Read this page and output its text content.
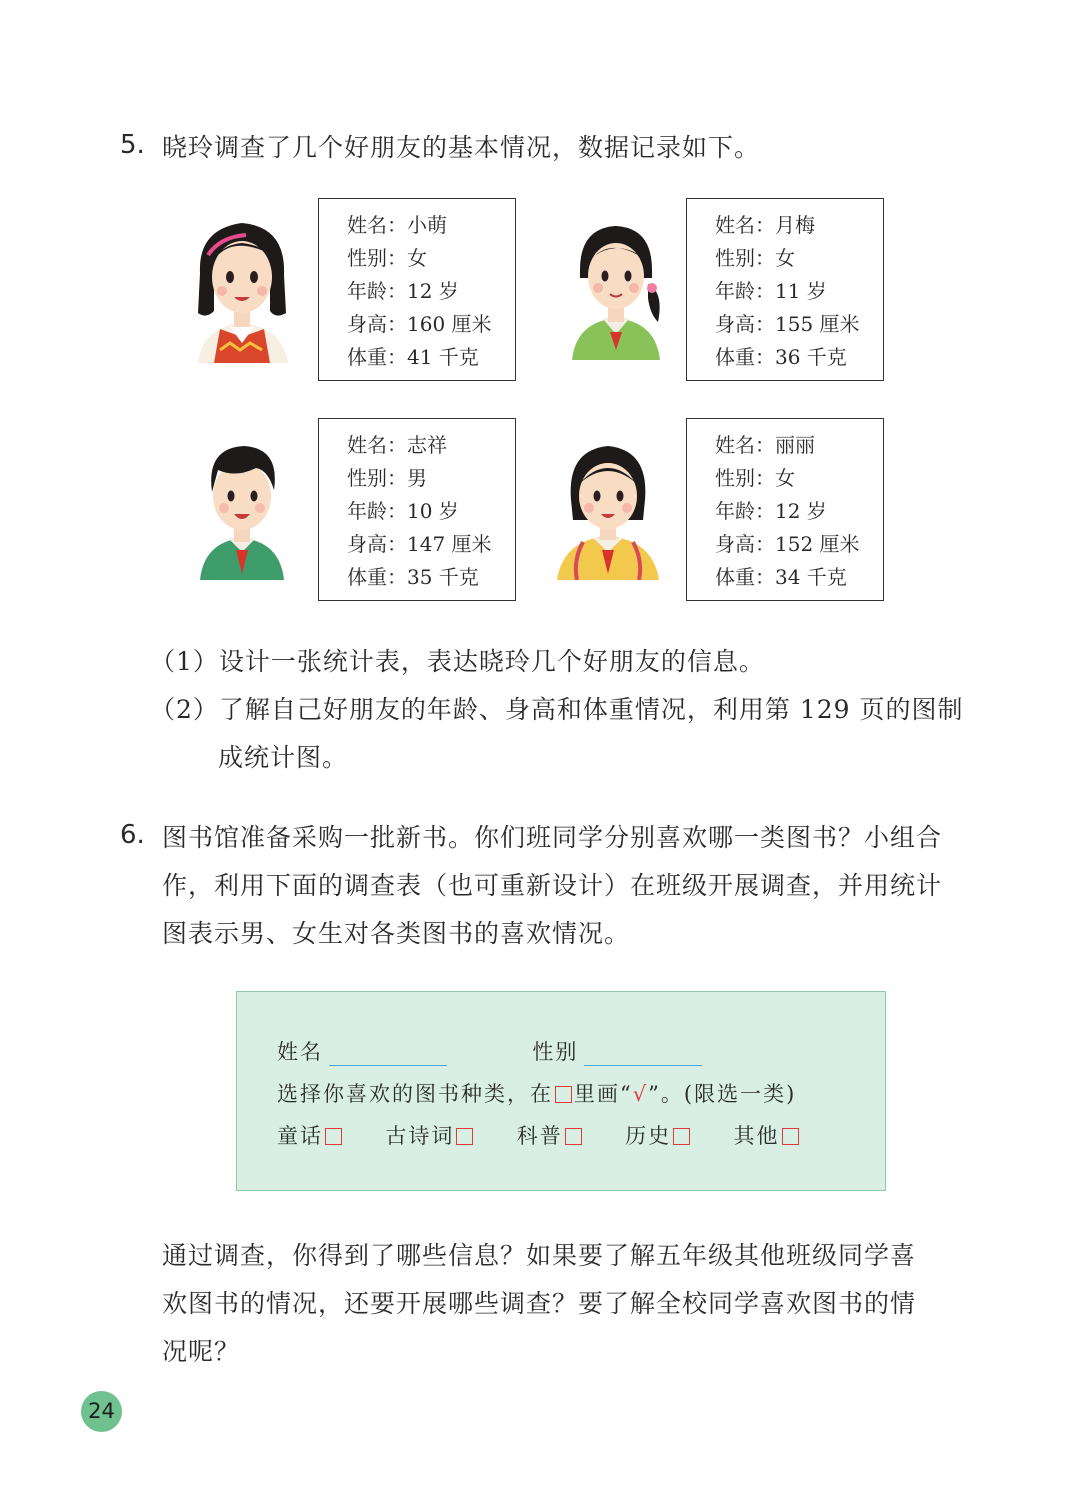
5. 晓玲调查了几个好朋友的基本情况，数据记录如下。
姓名：小萌
性别：女
年龄：12 岁
身高：160 厘米
体重：41 千克
姓名：月梅
性别：女
年龄：11 岁
身高：155 厘米
体重：36 千克
姓名：志祥
性别：男
年龄：10 岁
身高：147 厘米
体重：35 千克
姓名：丽丽
性别：女
年龄：12 岁
身高：152 厘米
体重：34 千克
（1）设计一张统计表，表达晓玲几个好朋友的信息。
（2）了解自己好朋友的年龄、身高和体重情况，利用第 129 页的图制
成统计图。
6. 图书馆准备采购一批新书。你们班同学分别喜欢哪一类图书？小组合
作，利用下面的调查表（也可重新设计）在班级开展调查，并用统计
图表示男、女生对各类图书的喜欢情况。
姓名	性别
选择你喜欢的图书种类，在 里画“√”。(限选一类)
童话	古诗词	科普	历史	其他
通过调查，你得到了哪些信息？如果要了解五年级其他班级同学喜
欢图书的情况，还要开展哪些调查？要了解全校同学喜欢图书的情
况呢？
24
